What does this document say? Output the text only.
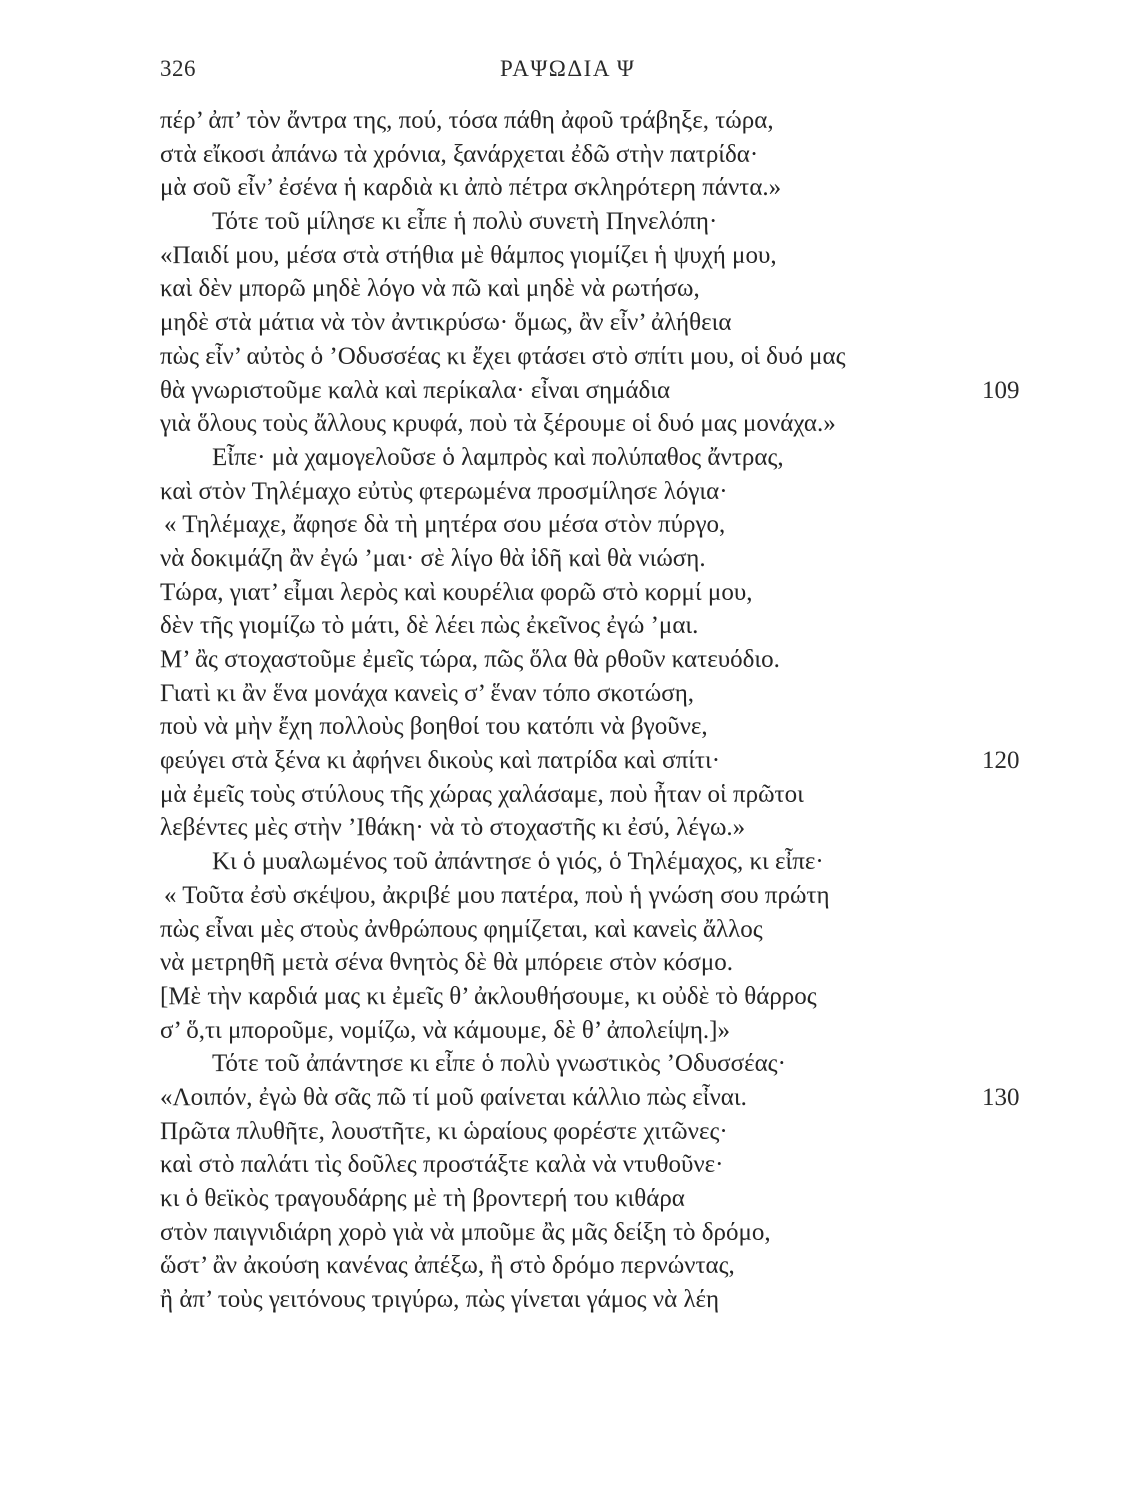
326	ΡΑΨΩΔΙΑ Ψ
πέρ’ ἀπ’ τὸν ἄντρα της, πού, τόσα πάθη ἀφοῦ τράβηξε, τώρα,
στὰ εἴκοσι ἀπάνω τὰ χρόνια, ξανάρχεται ἐδῶ στὴν πατρίδα·
μὰ σοῦ εἶν’ ἐσένα ἡ καρδιὰ κι ἀπὸ πέτρα σκληρότερη πάντα.»
Τότε τοῦ μίλησε κι εἶπε ἡ πολὺ συνετὴ Πηνελόπη·
«Παιδί μου, μέσα στὰ στήθια μὲ θάμπος γιομίζει ἡ ψυχή μου,
καὶ δὲν μπορῶ μηδὲ λόγο νὰ πῶ καὶ μηδὲ νὰ ρωτήσω,
μηδὲ στὰ μάτια νὰ τὸν ἀντικρύσω· ὅμως, ἂν εἶν’ ἀλήθεια
πὼς εἶν’ αὐτὸς ὁ ’Οδυσσέας κι ἔχει φτάσει στὸ σπίτι μου, οἱ δυό μας
θὰ γνωριστοῦμε καλὰ καὶ περίκαλα· εἶναι σημάδια	109
γιὰ ὅλους τοὺς ἄλλους κρυφά, ποὺ τὰ ξέρουμε οἱ δυό μας μονάχα.»
Εἶπε· μὰ χαμογελοῦσε ὁ λαμπρὸς καὶ πολύπαθος ἄντρας,
καὶ στὸν Τηλέμαχο εὐτὺς φτερωμένα προσμίλησε λόγια·
« Τηλέμαχε, ἄφησε δὰ τὴ μητέρα σου μέσα στὸν πύργο,
νὰ δοκιμάζη ἂν ἐγώ ’μαι· σὲ λίγο θὰ ἰδῆ καὶ θὰ νιώση.
Τώρα, γιατ’ εἶμαι λερὸς καὶ κουρέλια φορῶ στὸ κορμί μου,
δὲν τῆς γιομίζω τὸ μάτι, δὲ λέει πὼς ἐκεῖνος ἐγώ ’μαι.
Μ’ ἂς στοχαστοῦμε ἐμεῖς τώρα, πῶς ὅλα θὰ ρθοῦν κατευόδιο.
Γιατὶ κι ἂν ἕνα μονάχα κανεὶς σ’ ἕναν τόπο σκοτώση,
ποὺ νὰ μὴν ἔχη πολλοὺς βοηθοί του κατόπι νὰ βγοῦνε,
φεύγει στὰ ξένα κι ἀφήνει δικοὺς καὶ πατρίδα καὶ σπίτι·	120
μὰ ἐμεῖς τοὺς στύλους τῆς χώρας χαλάσαμε, ποὺ ἦταν οἱ πρῶτοι
λεβέντες μὲς στὴν ’Ιθάκη· νὰ τὸ στοχαστῆς κι ἐσύ, λέγω.»
Κι ὁ μυαλωμένος τοῦ ἀπάντησε ὁ γιός, ὁ Τηλέμαχος, κι εἶπε·
« Τοῦτα ἐσὺ σκέψου, ἀκριβέ μου πατέρα, ποὺ ἡ γνώση σου πρώτη
πὼς εἶναι μὲς στοὺς ἀνθρώπους φημίζεται, καὶ κανεὶς ἄλλος
νὰ μετρηθῆ μετὰ σένα θνητὸς δὲ θὰ μπόρειε στὸν κόσμο.
[Μὲ τὴν καρδιά μας κι ἐμεῖς θ’ ἀκλουθήσουμε, κι οὐδὲ τὸ θάρρος
σ’ ὅ,τι μποροῦμε, νομίζω, νὰ κάμουμε, δὲ θ’ ἀπολείψη.]»
Τότε τοῦ ἀπάντησε κι εἶπε ὁ πολὺ γνωστικὸς ’Οδυσσέας·
«Λοιπόν, ἐγὼ θὰ σᾶς πῶ τί μοῦ φαίνεται κάλλιο πὼς εἶναι.	130
Πρῶτα πλυθῆτε, λουστῆτε, κι ὡραίους φορέστε χιτῶνες·
καὶ στὸ παλάτι τὶς δοῦλες προστάξτε καλὰ νὰ ντυθοῦνε·
κι ὁ θεϊκὸς τραγουδάρης μὲ τὴ βροντερή του κιθάρα
στὸν παιγνιδιάρη χορὸ γιὰ νὰ μποῦμε ἂς μᾶς δείξη τὸ δρόμο,
ὥστ’ ἂν ἀκούση κανένας ἀπέξω, ἢ στὸ δρόμο περνώντας,
ἢ ἀπ’ τοὺς γειτόνους τριγύρω, πὼς γίνεται γάμος νὰ λέη
